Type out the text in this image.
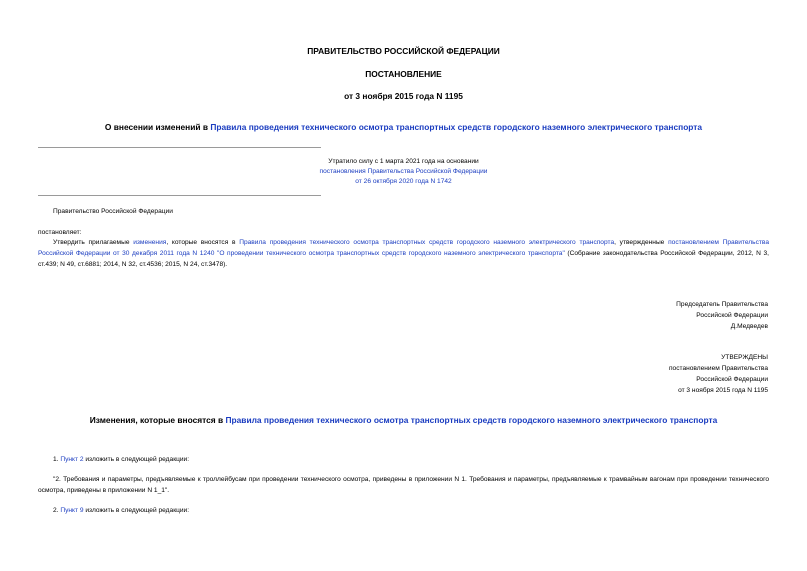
ПРАВИТЕЛЬСТВО РОССИЙСКОЙ ФЕДЕРАЦИИ
ПОСТАНОВЛЕНИЕ
от 3 ноября 2015 года N 1195
О внесении изменений в Правила проведения технического осмотра транспортных средств городского наземного электрического транспорта
Утратило силу с 1 марта 2021 года на основании
постановления Правительства Российской Федерации
от 26 октября 2020 года N 1742
Правительство Российской Федерации
постановляет:
Утвердить прилагаемые изменения, которые вносятся в Правила проведения технического осмотра транспортных средств городского наземного электрического транспорта, утвержденные постановлением Правительства Российской Федерации от 30 декабря 2011 года N 1240 "О проведении технического осмотра транспортных средств городского наземного электрического транспорта" (Собрание законодательства Российской Федерации, 2012, N 3, ст.439; N 49, ст.6881; 2014, N 32, ст.4536; 2015, N 24, ст.3478).
Председатель Правительства
Российской Федерации
Д.Медведев
УТВЕРЖДЕНЫ
постановлением Правительства
Российской Федерации
от 3 ноября 2015 года N 1195
Изменения, которые вносятся в Правила проведения технического осмотра транспортных средств городского наземного электрического транспорта
1. Пункт 2 изложить в следующей редакции:
"2. Требования и параметры, предъявляемые к троллейбусам при проведении технического осмотра, приведены в приложении N 1. Требования и параметры, предъявляемые к трамвайным вагонам при проведении технического осмотра, приведены в приложении N 1_1".
2. Пункт 9 изложить в следующей редакции:
